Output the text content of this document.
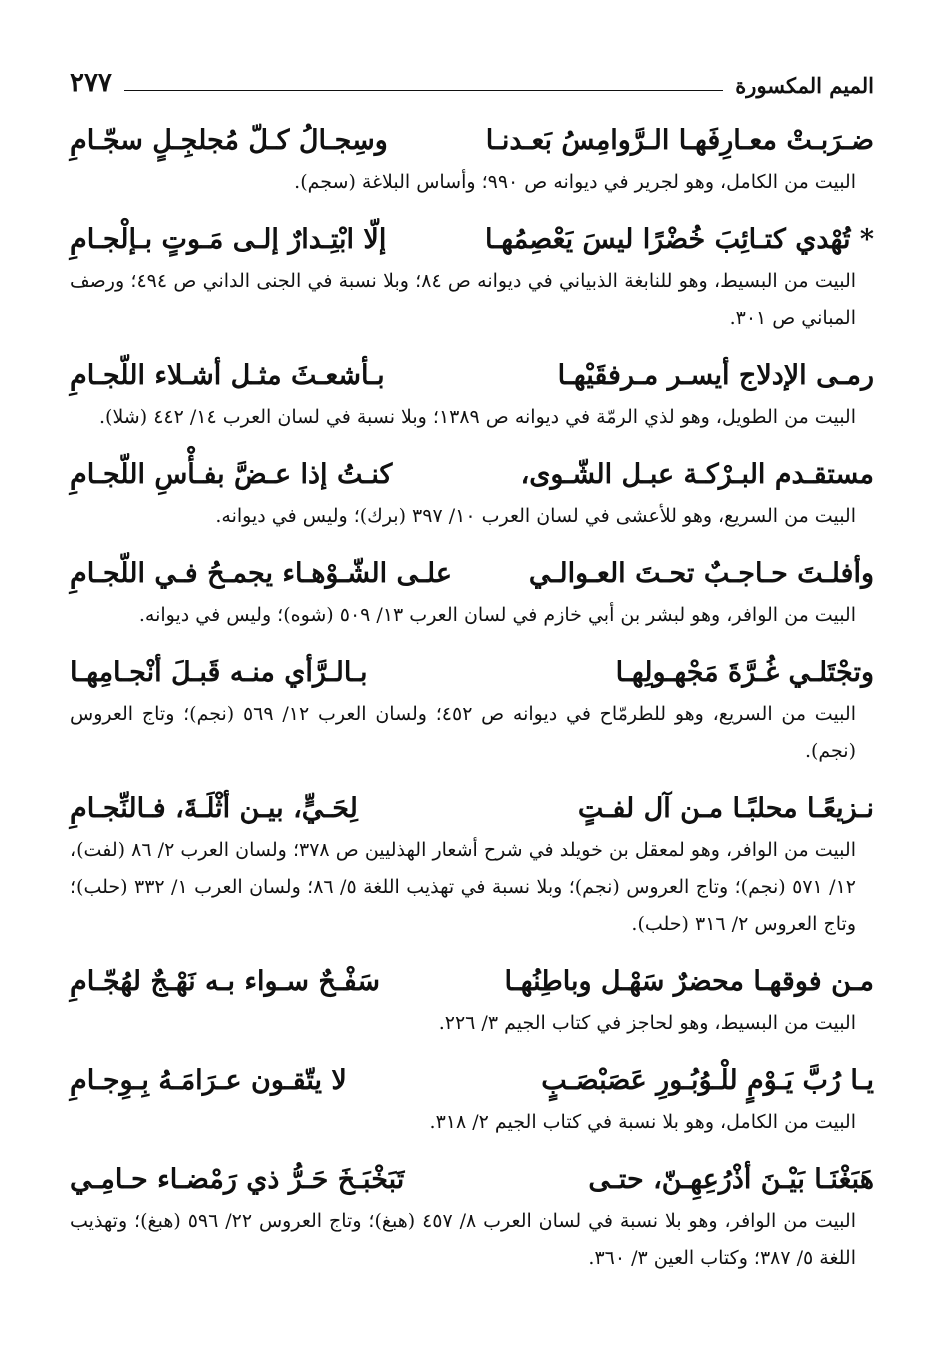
الميم المكسورة
٢٧٧
ضـرَبـتْ معـارِفَهـا الـرَّوامِسُ بَعـدنـا
وسِجـالُ كـلّ مُجلجِـلٍ سجّـامِ
البيت من الكامل، وهو لجرير في ديوانه ص ٩٩٠؛ وأساس البلاغة (سجم).
* تُهْدي كتـائِبَ خُضْرًا ليسَ يَعْصِمُهـا
إلّا ابْتِـدارٌ إلـى مَـوتٍ بـإلْجـامِ
البيت من البسيط، وهو للنابغة الذبياني في ديوانه ص ٨٤؛ وبلا نسبة في الجنى الداني ص ٤٩٤؛ ورصف المباني ص ٣٠١.
رمـى الإدلاج أيسـر مـرفقَيْهـا
بـأشعـثَ مثـل أشـلاء اللّجـامِ
البيت من الطويل، وهو لذي الرمّة في ديوانه ص ١٣٨٩؛ وبلا نسبة في لسان العرب ١٤/ ٤٤٢ (شلا).
مستقـدم البـرْكـة عبـل الشّـوى،
كنـتُ إذا عـضَّ بفـأْسِ اللّجـامِ
البيت من السريع، وهو للأعشى في لسان العرب ١٠/ ٣٩٧ (برك)؛ وليس في ديوانه.
وأفلـتَ حـاجـبٌ تحـتَ العـوالـي
علـى الشّـوْهـاء يجمـحُ فـي اللّجـامِ
البيت من الوافر، وهو لبشر بن أبي خازم في لسان العرب ١٣/ ٥٠٩ (شوه)؛ وليس في ديوانه.
وتجْتَلـي غُـرَّةَ مَجْهـولِهـا
بـالـرَّأي منـه قَبـلَ أنْجـامِهـا
البيت من السريع، وهو للطرمّاح في ديوانه ص ٤٥٢؛ ولسان العرب ١٢/ ٥٦٩ (نجم)؛ وتاج العروس (نجم).
نـزيعًـا محلبًـا مـن آل لفـتٍ
لِحَـيٍّ، بيـن أثْلَـةَ، فـالنِّجـامِ
البيت من الوافر، وهو لمعقل بن خويلد في شرح أشعار الهذليين ص ٣٧٨؛ ولسان العرب ٢/ ٨٦ (لفت)، ١٢/ ٥٧١ (نجم)؛ وتاج العروس (نجم)؛ وبلا نسبة في تهذيب اللغة ٥/ ٨٦؛ ولسان العرب ١/ ٣٣٢ (حلب)؛ وتاج العروس ٢/ ٣١٦ (حلب).
مـن فوقهـا محضرٌ سَهْـل وباطِنُهـا
سَفْـحٌ سـواء بـه نَهْـجٌ لهُجّـامِ
البيت من البسيط، وهو لحاجز في كتاب الجيم ٣/ ٢٢٦.
يـا رُبَّ يَـوْمٍ للْـوُبُـورِ عَصَبْصَـبٍ
لا يتّقـون عـرَامَـهُ بِـوِجـامِ
البيت من الكامل، وهو بلا نسبة في كتاب الجيم ٢/ ٣١٨.
هَبَغْنَـا بَيْـنَ أذْرُعِهِـنّ، حتـى
تَبَخْبَـخَ حَـرُّ ذي رَمْضـاء حـامِـي
البيت من الوافر، وهو بلا نسبة في لسان العرب ٨/ ٤٥٧ (هبغ)؛ وتاج العروس ٢٢/ ٥٩٦ (هبغ)؛ وتهذيب اللغة ٥/ ٣٨٧؛ وكتاب العين ٣/ ٣٦٠.
